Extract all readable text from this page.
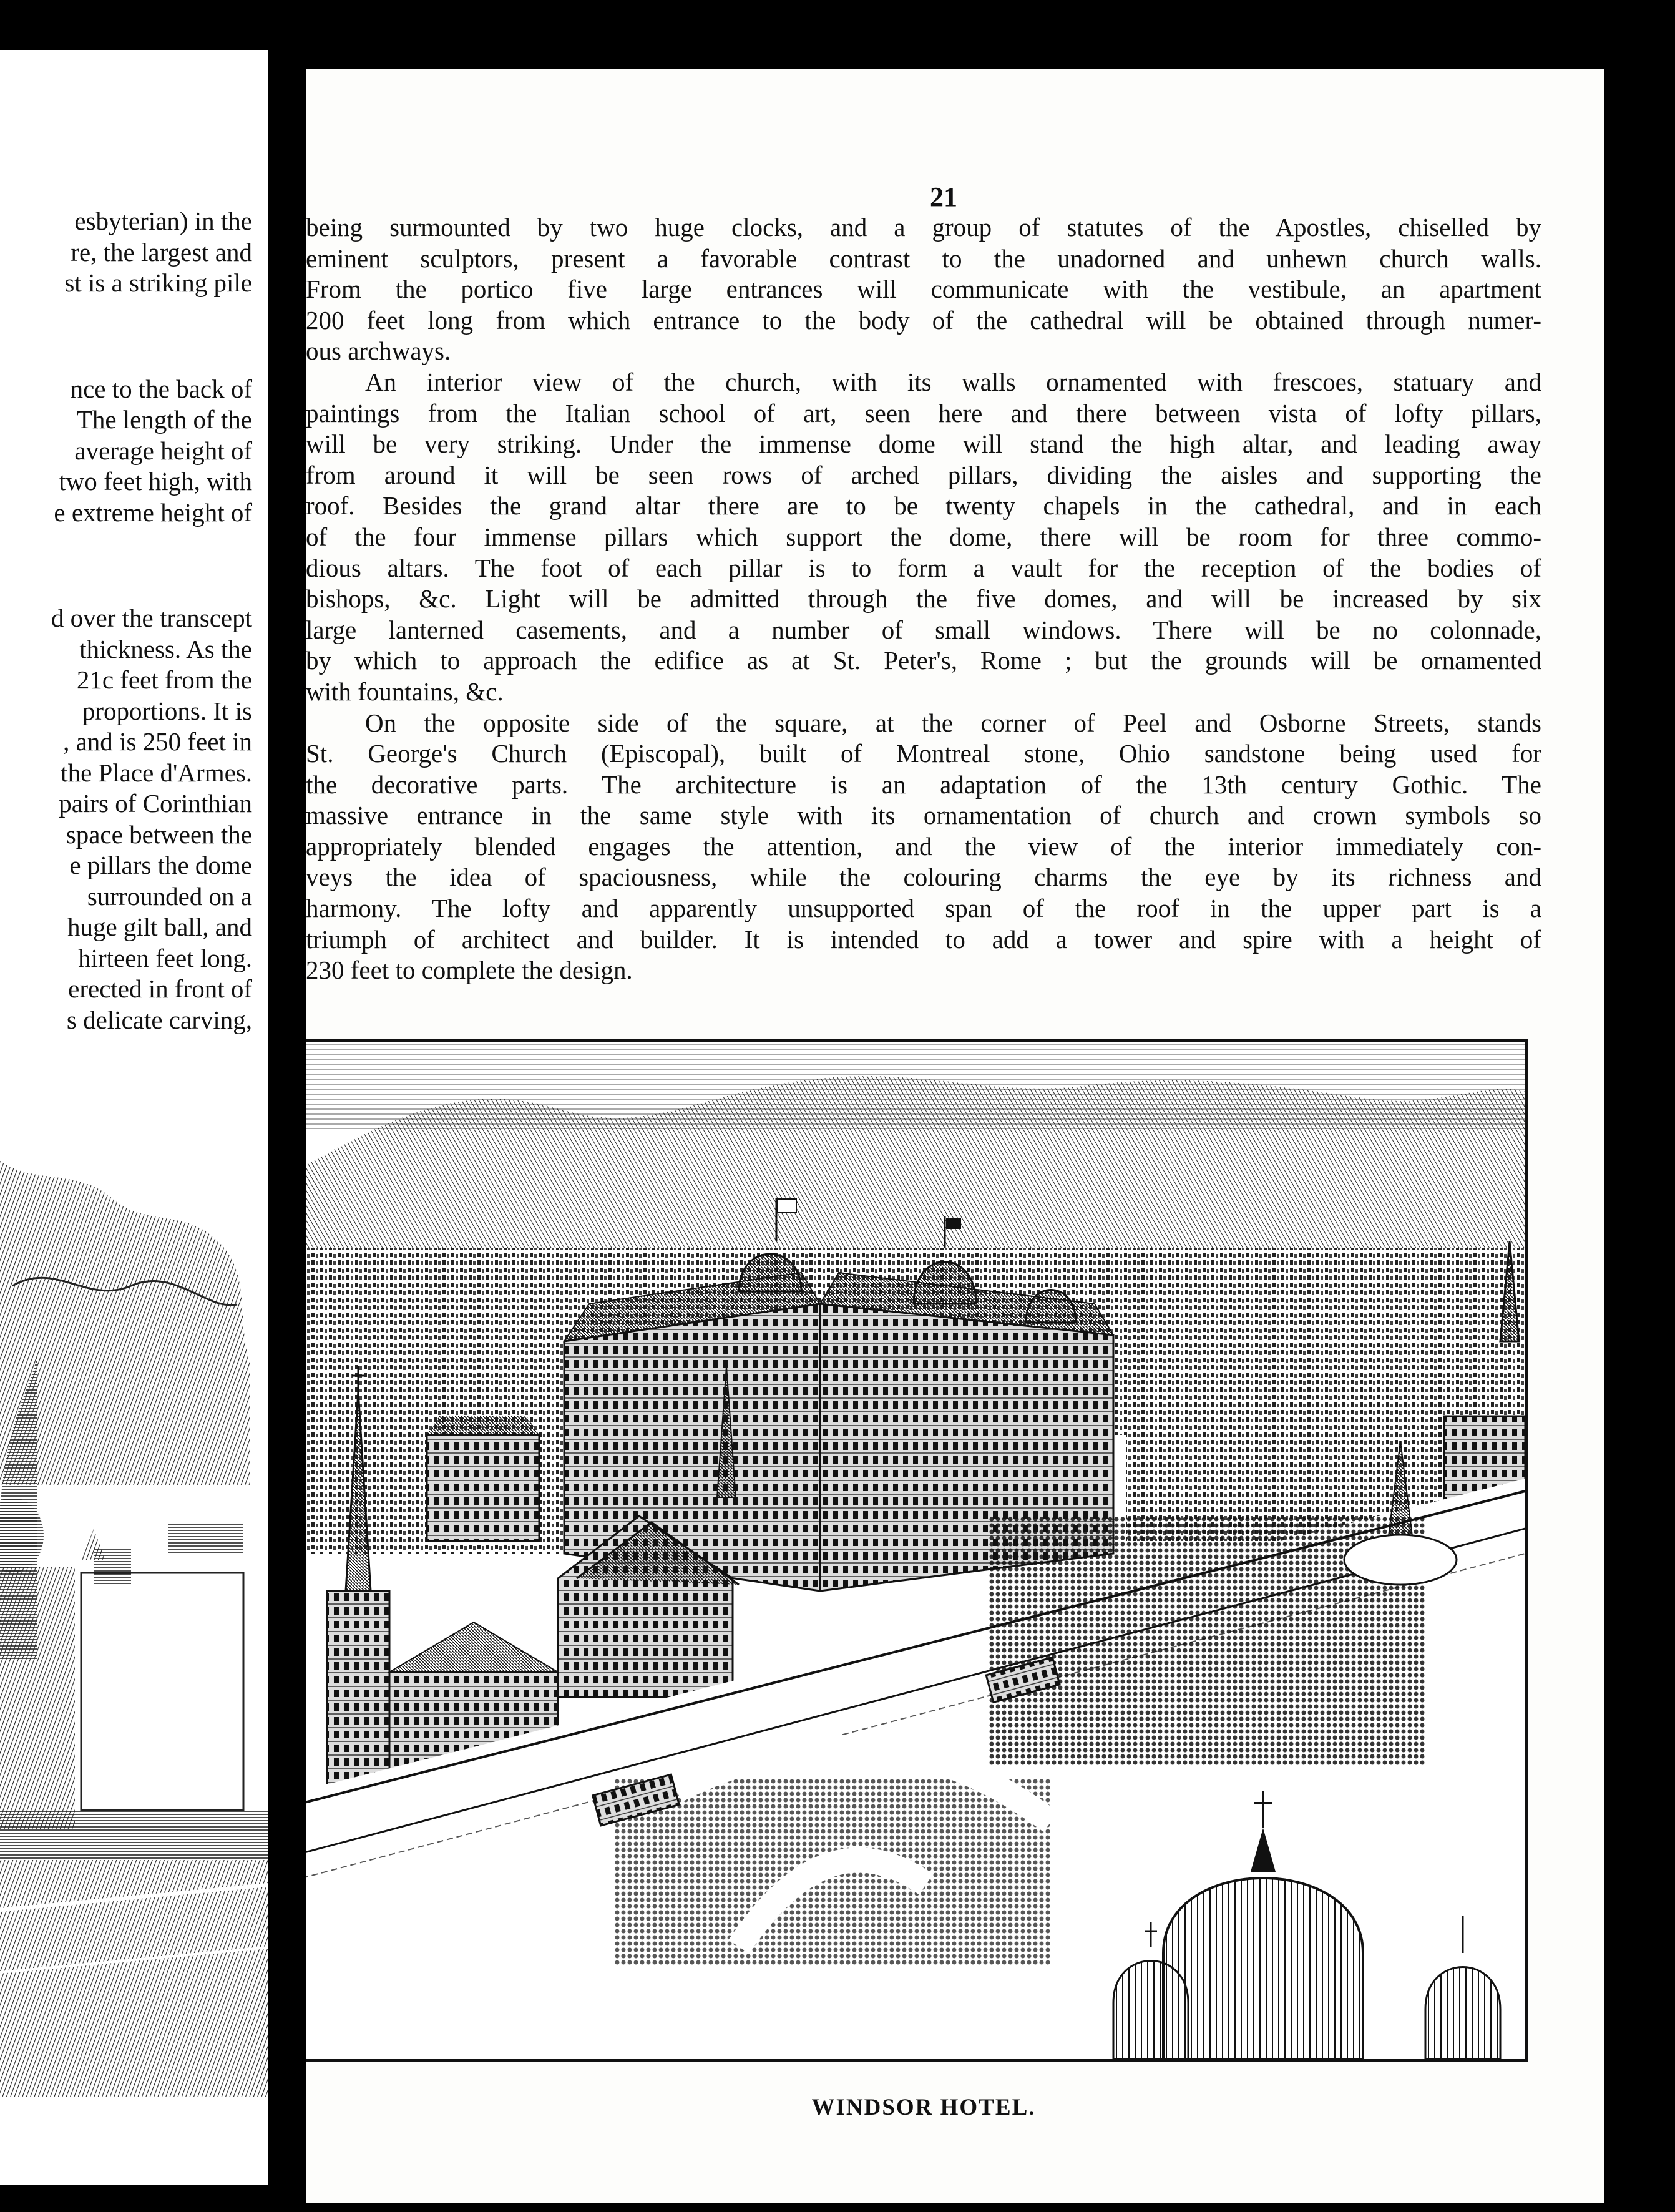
esbyterian) in the
re, the largest and
st is a striking pile
nce to the back of
The length of the
average height of
two feet high, with
e extreme height of
d over the transcept
thickness. As the
21c feet from the
proportions. It is
, and is 250 feet in
the Place d'Armes.
pairs of Corinthian
space between the
e pillars the dome
surrounded on a
huge gilt ball, and
hirteen feet long.
erected in front of
s delicate carving,
21
being surmounted by two huge clocks, and a group of statutes of the Apostles, chiselled by
eminent sculptors, present a favorable contrast to the unadorned and unhewn church walls.
From the portico five large entrances will communicate with the vestibule, an apartment
200 feet long from which entrance to the body of the cathedral will be obtained through numer-
ous archways.
An interior view of the church, with its walls ornamented with frescoes, statuary and
paintings from the Italian school of art, seen here and there between vista of lofty pillars,
will be very striking. Under the immense dome will stand the high altar, and leading away
from around it will be seen rows of arched pillars, dividing the aisles and supporting the
roof. Besides the grand altar there are to be twenty chapels in the cathedral, and in each
of the four immense pillars which support the dome, there will be room for three commo-
dious altars. The foot of each pillar is to form a vault for the reception of the bodies of
bishops, &c. Light will be admitted through the five domes, and will be increased by six
large lanterned casements, and a number of small windows. There will be no colonnade,
by which to approach the edifice as at St. Peter's, Rome ; but the grounds will be ornamented
with fountains, &c.
On the opposite side of the square, at the corner of Peel and Osborne Streets, stands
St. George's Church (Episcopal), built of Montreal stone, Ohio sandstone being used for
the decorative parts. The architecture is an adaptation of the 13th century Gothic. The
massive entrance in the same style with its ornamentation of church and crown symbols so
appropriately blended engages the attention, and the view of the interior immediately con-
veys the idea of spaciousness, while the colouring charms the eye by its richness and
harmony. The lofty and apparently unsupported span of the roof in the upper part is a
triumph of architect and builder. It is intended to add a tower and spire with a height of
230 feet to complete the design.
WINDSOR HOTEL.
